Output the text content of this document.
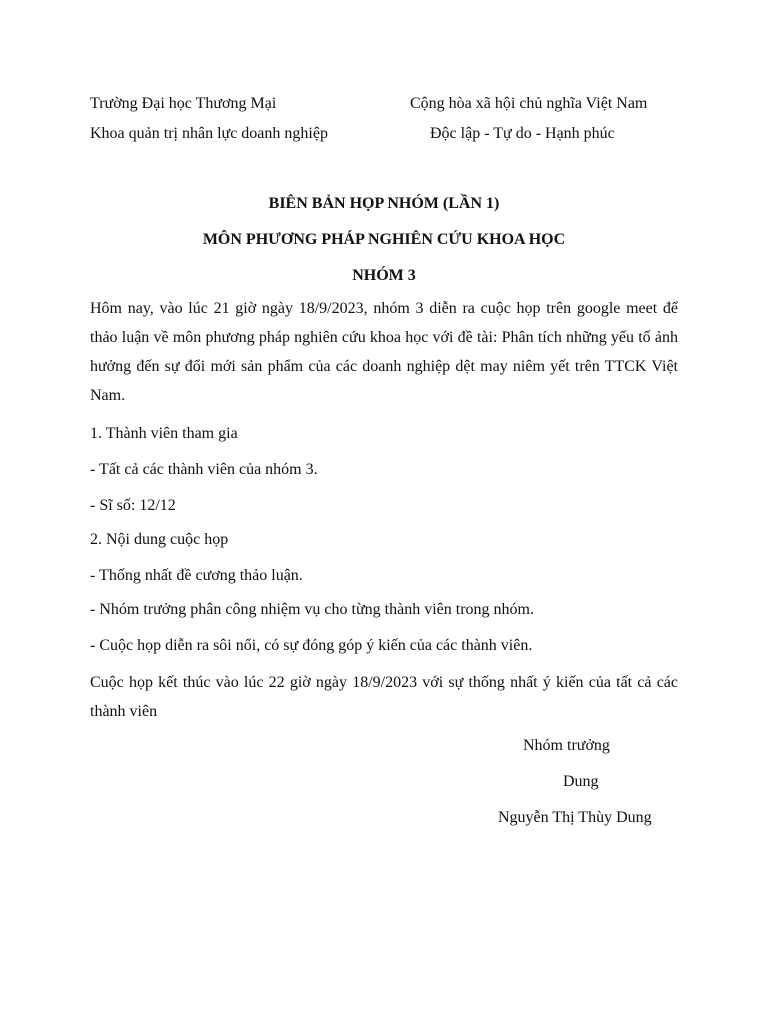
Trường Đại học Thương Mại
Khoa quản trị nhân lực doanh nghiệp
Cộng hòa xã hội chủ nghĩa Việt Nam
Độc lập - Tự do - Hạnh phúc
BIÊN BẢN HỌP NHÓM (LẦN 1)
MÔN PHƯƠNG PHÁP NGHIÊN CỨU KHOA HỌC
NHÓM 3
Hôm nay, vào lúc 21 giờ ngày 18/9/2023, nhóm 3 diễn ra cuộc họp trên google meet để thảo luận về môn phương pháp nghiên cứu khoa học với đề tài: Phân tích những yếu tố ảnh hưởng đến sự đổi mới sản phẩm của các doanh nghiệp dệt may niêm yết trên TTCK Việt Nam.
1. Thành viên tham gia
- Tất cả các thành viên của nhóm 3.
- Sĩ số: 12/12
2. Nội dung cuộc họp
- Thống nhất đề cương thảo luận.
- Nhóm trưởng phân công nhiệm vụ cho từng thành viên trong nhóm.
- Cuộc họp diễn ra sôi nổi, có sự đóng góp ý kiến của các thành viên.
Cuộc họp kết thúc vào lúc 22 giờ ngày 18/9/2023 với sự thống nhất ý kiến của tất cả các thành viên
Nhóm trưởng
Dung
Nguyễn Thị Thùy Dung
